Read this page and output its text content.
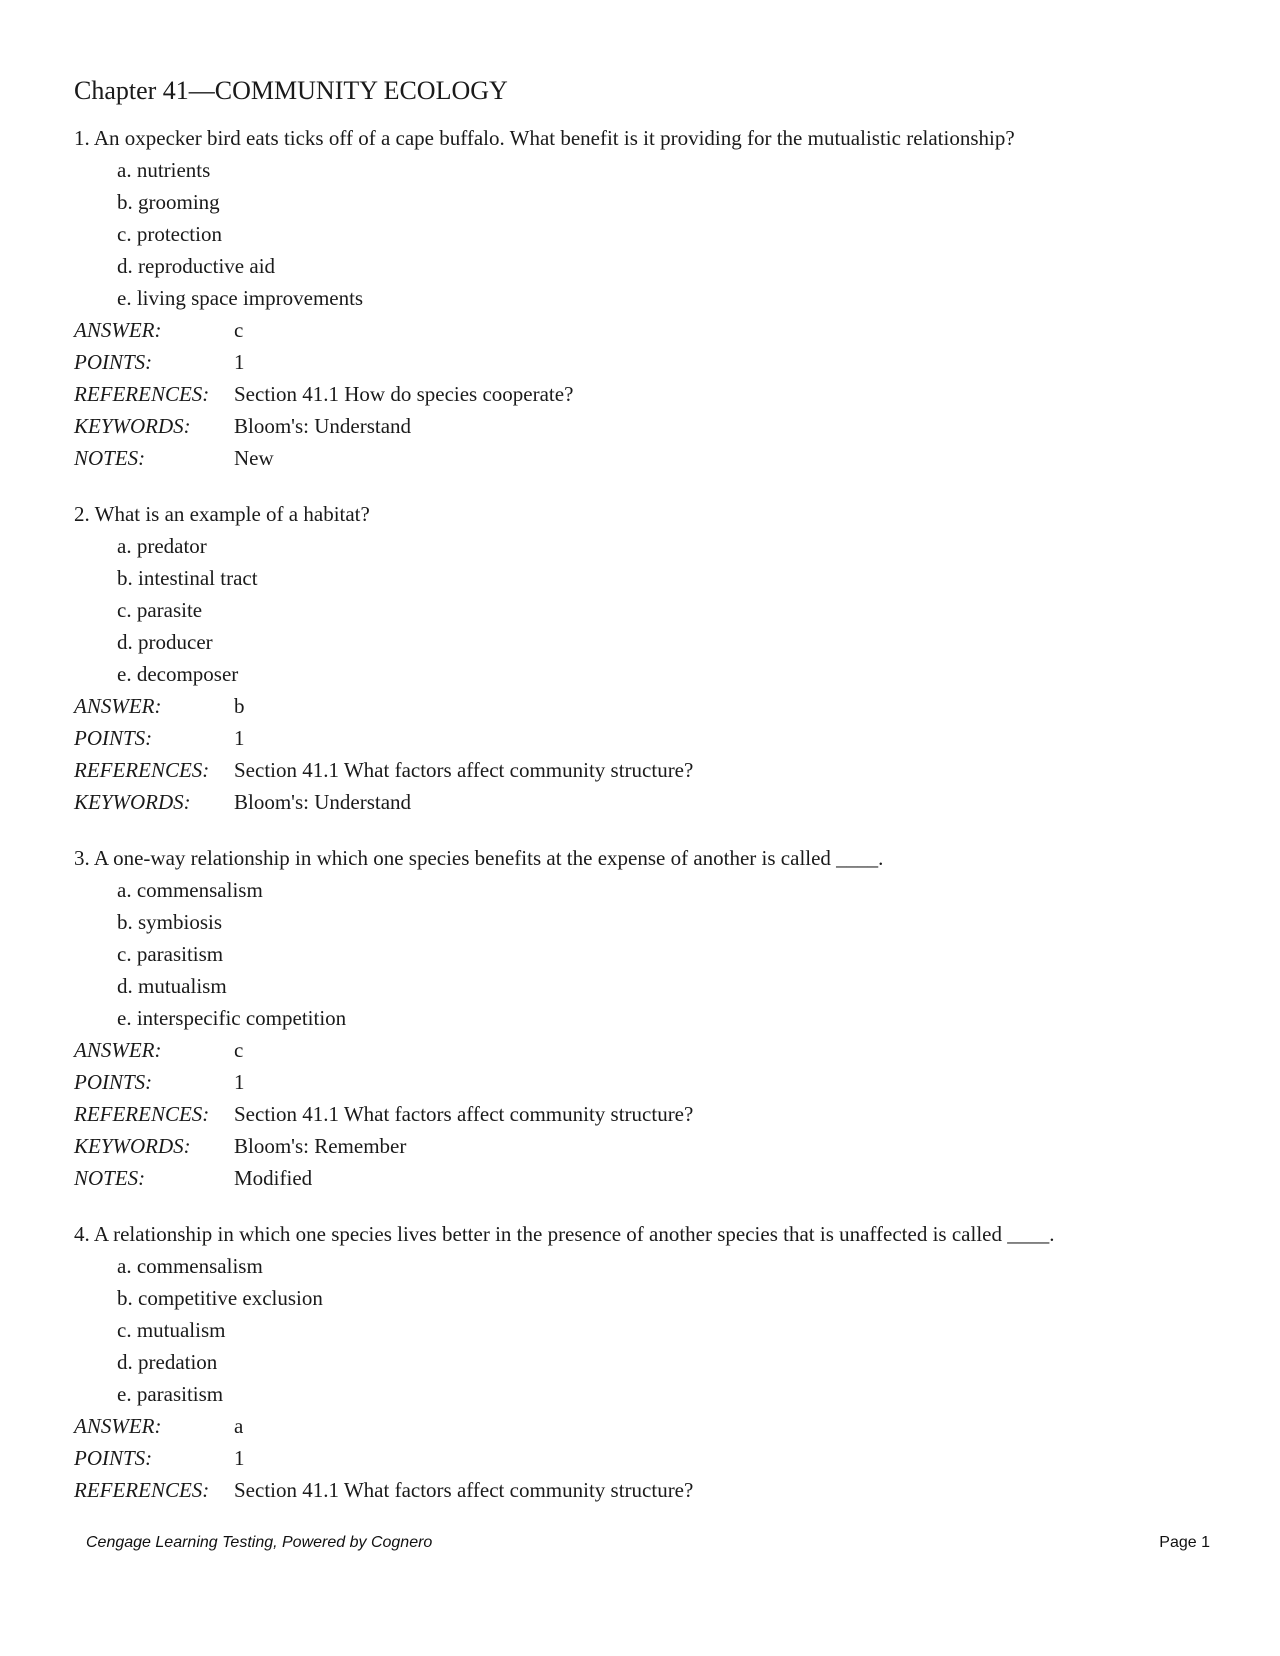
Chapter 41—COMMUNITY ECOLOGY
1. An oxpecker bird eats ticks off of a cape buffalo. What benefit is it providing for the mutualistic relationship?
a. nutrients
b. grooming
c. protection
d. reproductive aid
e. living space improvements
ANSWER:	c
POINTS:	1
REFERENCES:	Section 41.1 How do species cooperate?
KEYWORDS:	Bloom's: Understand
NOTES:	New
2. What is an example of a habitat?
a. predator
b. intestinal tract
c. parasite
d. producer
e. decomposer
ANSWER:	b
POINTS:	1
REFERENCES:	Section 41.1 What factors affect community structure?
KEYWORDS:	Bloom's: Understand
3. A one-way relationship in which one species benefits at the expense of another is called ____.
a. commensalism
b. symbiosis
c. parasitism
d. mutualism
e. interspecific competition
ANSWER:	c
POINTS:	1
REFERENCES:	Section 41.1 What factors affect community structure?
KEYWORDS:	Bloom's: Remember
NOTES:	Modified
4. A relationship in which one species lives better in the presence of another species that is unaffected is called ____.
a. commensalism
b. competitive exclusion
c. mutualism
d. predation
e. parasitism
ANSWER:	a
POINTS:	1
REFERENCES:	Section 41.1 What factors affect community structure?
Cengage Learning Testing, Powered by Cognero	Page 1
